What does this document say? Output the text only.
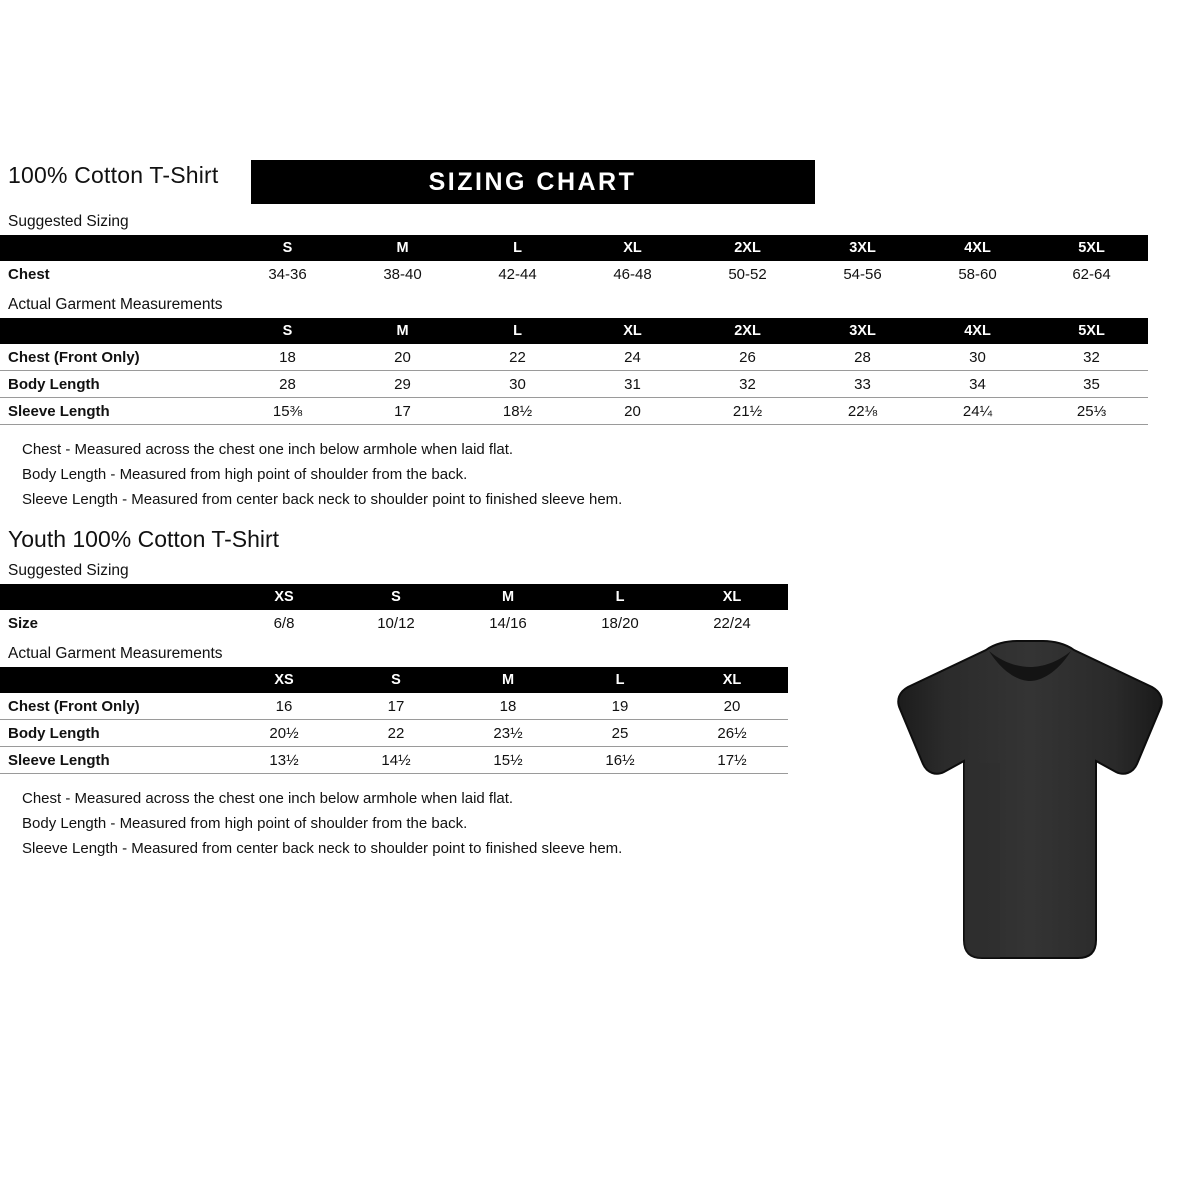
100% Cotton T-Shirt	SIZING CHART
Suggested Sizing
	S	M	L	XL	2XL	3XL	4XL	5XL
Chest	34-36	38-40	42-44	46-48	50-52	54-56	58-60	62-64
Actual Garment Measurements
	S	M	L	XL	2XL	3XL	4XL	5XL
Chest (Front Only)	18	20	22	24	26	28	30	32
Body Length	28	29	30	31	32	33	34	35
Sleeve Length	15⅜	17	18½	20	21½	22⅛	24¼	25⅓
Chest - Measured across the chest one inch below armhole when laid flat.
Body Length - Measured from high point of shoulder from the back.
Sleeve Length - Measured from center back neck to shoulder point to finished sleeve hem.
Youth 100% Cotton T-Shirt
Suggested Sizing
	XS	S	M	L	XL
Size	6/8	10/12	14/16	18/20	22/24
Actual Garment Measurements
	XS	S	M	L	XL
Chest (Front Only)	16	17	18	19	20
Body Length	20½	22	23½	25	26½
Sleeve Length	13½	14½	15½	16½	17½
Chest - Measured across the chest one inch below armhole when laid flat.
Body Length - Measured from high point of shoulder from the back.
Sleeve Length - Measured from center back neck to shoulder point to finished sleeve hem.
